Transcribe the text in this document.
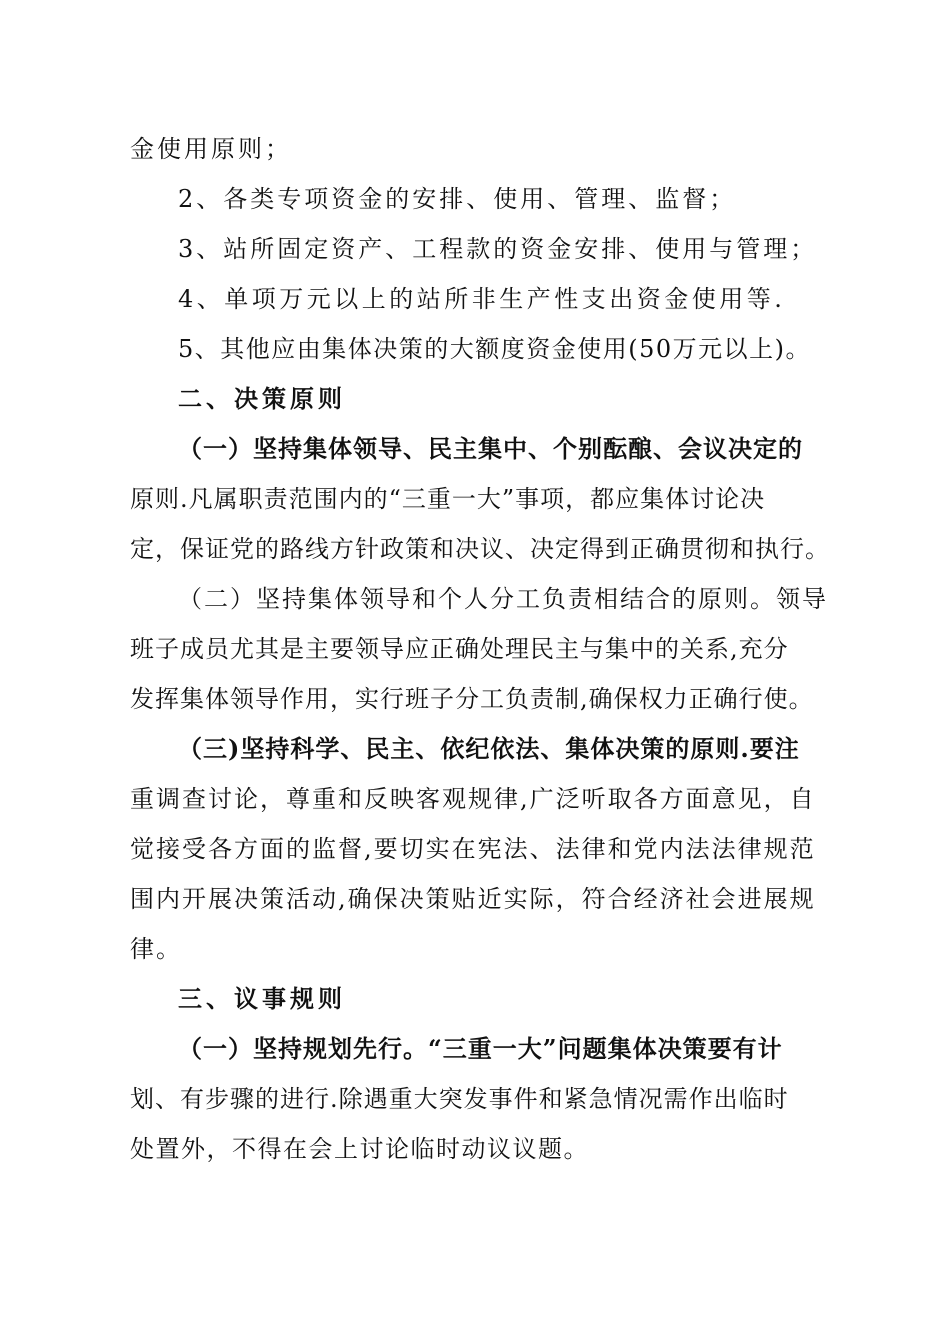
金使用原则；
2、各类专项资金的安排、使用、管理、监督；
3、站所固定资产、工程款的资金安排、使用与管理；
4、单项万元以上的站所非生产性支出资金使用等.
5、其他应由集体决策的大额度资金使用(50万元以上)。
二、决策原则
（一）坚持集体领导、民主集中、个别酝酿、会议决定的
原则.凡属职责范围内的“三重一大”事项，都应集体讨论决
定，保证党的路线方针政策和决议、决定得到正确贯彻和执行。
（二）坚持集体领导和个人分工负责相结合的原则。领导
班子成员尤其是主要领导应正确处理民主与集中的关系,充分
发挥集体领导作用，实行班子分工负责制,确保权力正确行使。
（三)坚持科学、民主、依纪依法、集体决策的原则.要注
重调查讨论，尊重和反映客观规律,广泛听取各方面意见，自
觉接受各方面的监督,要切实在宪法、法律和党内法法律规范
围内开展决策活动,确保决策贴近实际，符合经济社会进展规
律。
三、议事规则
（一）坚持规划先行。“三重一大”问题集体决策要有计
划、有步骤的进行.除遇重大突发事件和紧急情况需作出临时
处置外，不得在会上讨论临时动议议题。
